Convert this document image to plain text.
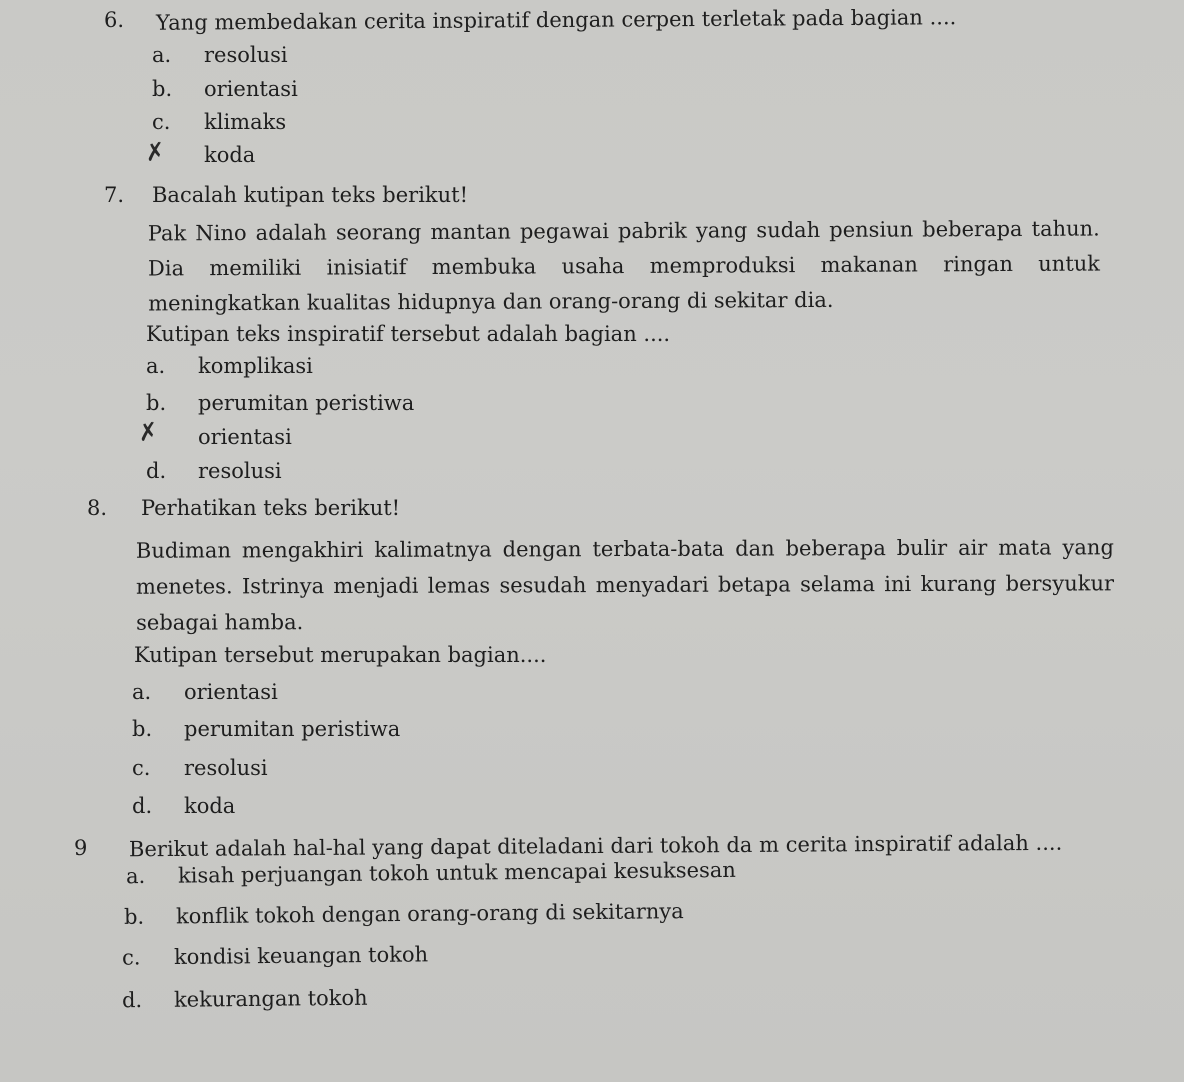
6. Yang membedakan cerita inspiratif dengan cerpen terletak pada bagian ....
a. resolusi
b. orientasi
c. klimaks
koda
✗
7. Bacalah kutipan teks berikut!

Pak Nino adalah seorang mantan pegawai pabrik yang sudah pensiun beberapa tahun. Dia memiliki inisiatif membuka usaha memproduksi makanan ringan untuk meningkatkan kualitas hidupnya dan orang-orang di sekitar dia.

Kutipan teks inspiratif tersebut adalah bagian ....
a. komplikasi
b. perumitan peristiwa
orientasi
✗
d. resolusi
8. Perhatikan teks berikut!

Budiman mengakhiri kalimatnya dengan terbata-bata dan beberapa bulir air mata yang menetes. Istrinya menjadi lemas sesudah menyadari betapa selama ini kurang bersyukur sebagai hamba.

Kutipan tersebut merupakan bagian....
a. orientasi
b. perumitan peristiwa
c. resolusi
d. koda
9 Berikut adalah hal-hal yang dapat diteladani dari tokoh da m cerita inspiratif adalah ....
a. kisah perjuangan tokoh untuk mencapai kesuksesan
b. konflik tokoh dengan orang-orang di sekitarnya
c. kondisi keuangan tokoh
d. kekurangan tokoh
